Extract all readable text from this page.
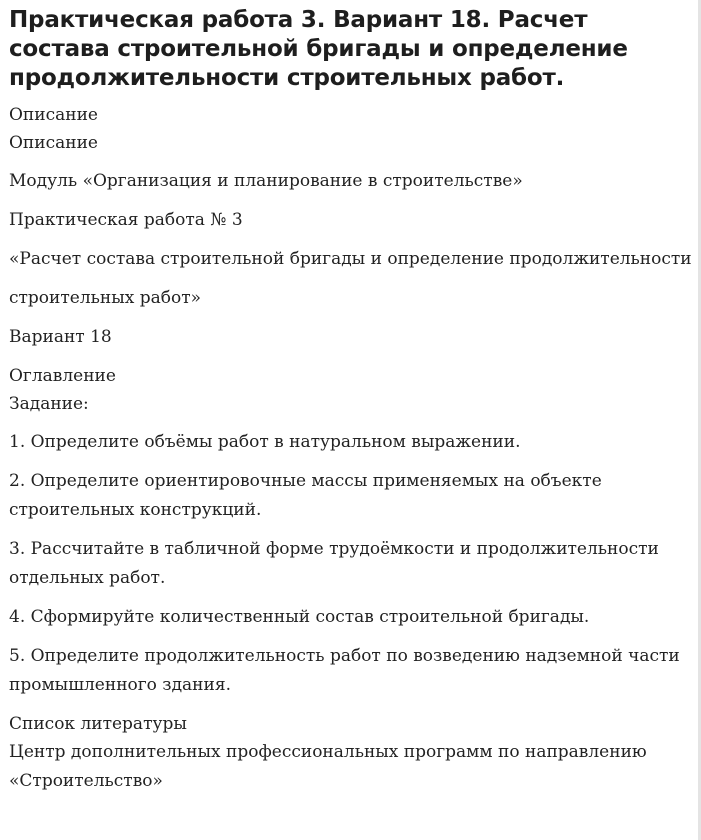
Практическая работа 3. Вариант 18. Расчет состава строительной бригады и определение продолжительности строительных работ.
Описание
Описание

Модуль «Организация и планирование в строительстве»

Практическая работа № 3

«Расчет состава строительной бригады и определение продолжительности

строительных работ»

Вариант 18

Оглавление
Задание:
1. Определите объёмы работ в натуральном выражении.
2. Определите ориентировочные массы применяемых на объекте строительных конструкций.
3. Рассчитайте в табличной форме трудоёмкости и продолжительности отдельных работ.
4. Сформируйте количественный состав строительной бригады.
5. Определите продолжительность работ по возведению надземной части промышленного здания.
Список литературы
Центр дополнительных профессиональных программ по направлению «Строительство»
